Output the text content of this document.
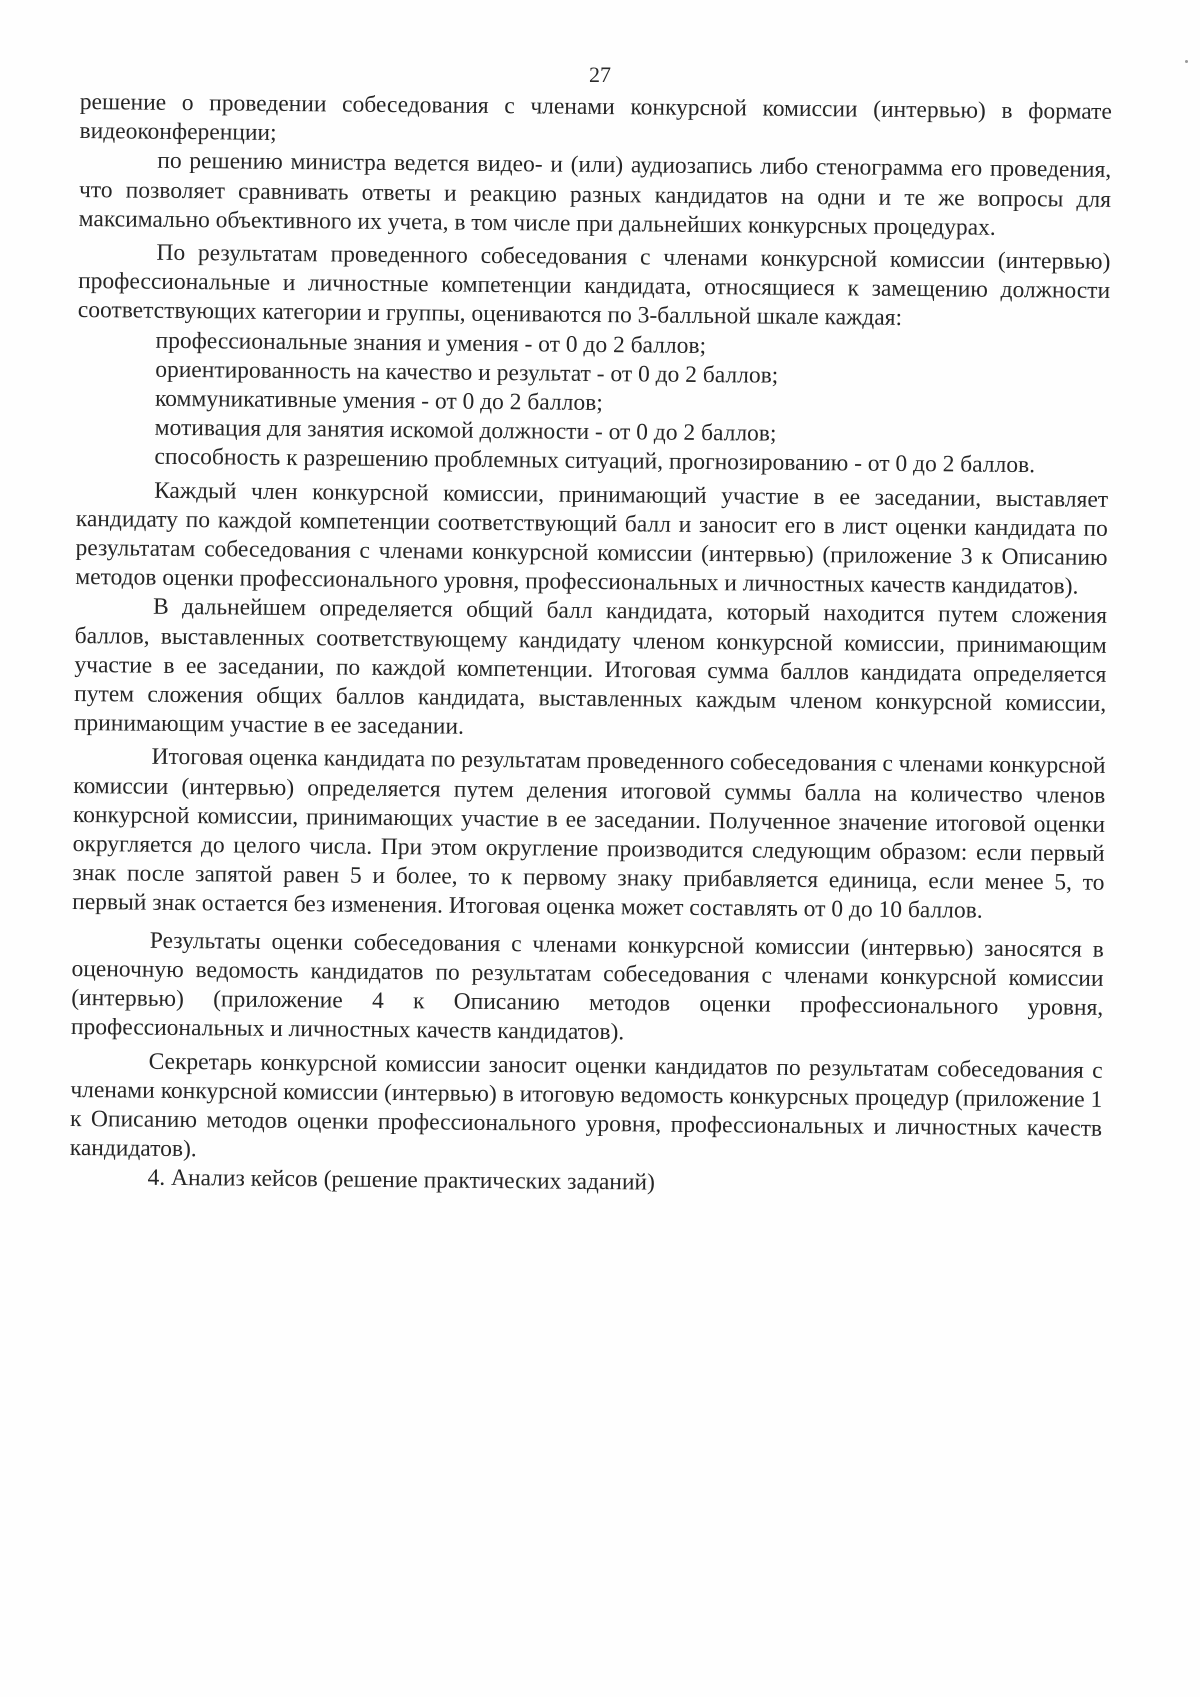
27

решение о проведении собеседования с членами конкурсной комиссии (интервью) в формате видеоконференции;

по решению министра ведется видео- и (или) аудиозапись либо стенограмма его проведения, что позволяет сравнивать ответы и реакцию разных кандидатов на одни и те же вопросы для максимально объективного их учета, в том числе при дальнейших конкурсных процедурах.

По результатам проведенного собеседования с членами конкурсной комиссии (интервью) профессиональные и личностные компетенции кандидата, относящиеся к замещению должности соответствующих категории и группы, оцениваются по 3-балльной шкале каждая:

профессиональные знания и умения - от 0 до 2 баллов;

ориентированность на качество и результат - от 0 до 2 баллов;

коммуникативные умения - от 0 до 2 баллов;

мотивация для занятия искомой должности - от 0 до 2 баллов;

способность к разрешению проблемных ситуаций, прогнозированию - от 0 до 2 баллов.

Каждый член конкурсной комиссии, принимающий участие в ее заседании, выставляет кандидату по каждой компетенции соответствующий балл и заносит его в лист оценки кандидата по результатам собеседования с членами конкурсной комиссии (интервью) (приложение 3 к Описанию методов оценки профессионального уровня, профессиональных и личностных качеств кандидатов).

В дальнейшем определяется общий балл кандидата, который находится путем сложения баллов, выставленных соответствующему кандидату членом конкурсной комиссии, принимающим участие в ее заседании, по каждой компетенции. Итоговая сумма баллов кандидата определяется путем сложения общих баллов кандидата, выставленных каждым членом конкурсной комиссии, принимающим участие в ее заседании.

Итоговая оценка кандидата по результатам проведенного собеседования с членами конкурсной комиссии (интервью) определяется путем деления итоговой суммы балла на количество членов конкурсной комиссии, принимающих участие в ее заседании. Полученное значение итоговой оценки округляется до целого числа. При этом округление производится следующим образом: если первый знак после запятой равен 5 и более, то к первому знаку прибавляется единица, если менее 5, то первый знак остается без изменения. Итоговая оценка может составлять от 0 до 10 баллов.

Результаты оценки собеседования с членами конкурсной комиссии (интервью) заносятся в оценочную ведомость кандидатов по результатам собеседования с членами конкурсной комиссии (интервью) (приложение 4 к Описанию методов оценки профессионального уровня, профессиональных и личностных качеств кандидатов).

Секретарь конкурсной комиссии заносит оценки кандидатов по результатам собеседования с членами конкурсной комиссии (интервью) в итоговую ведомость конкурсных процедур (приложение 1 к Описанию методов оценки профессионального уровня, профессиональных и личностных качеств кандидатов).

4. Анализ кейсов (решение практических заданий)
